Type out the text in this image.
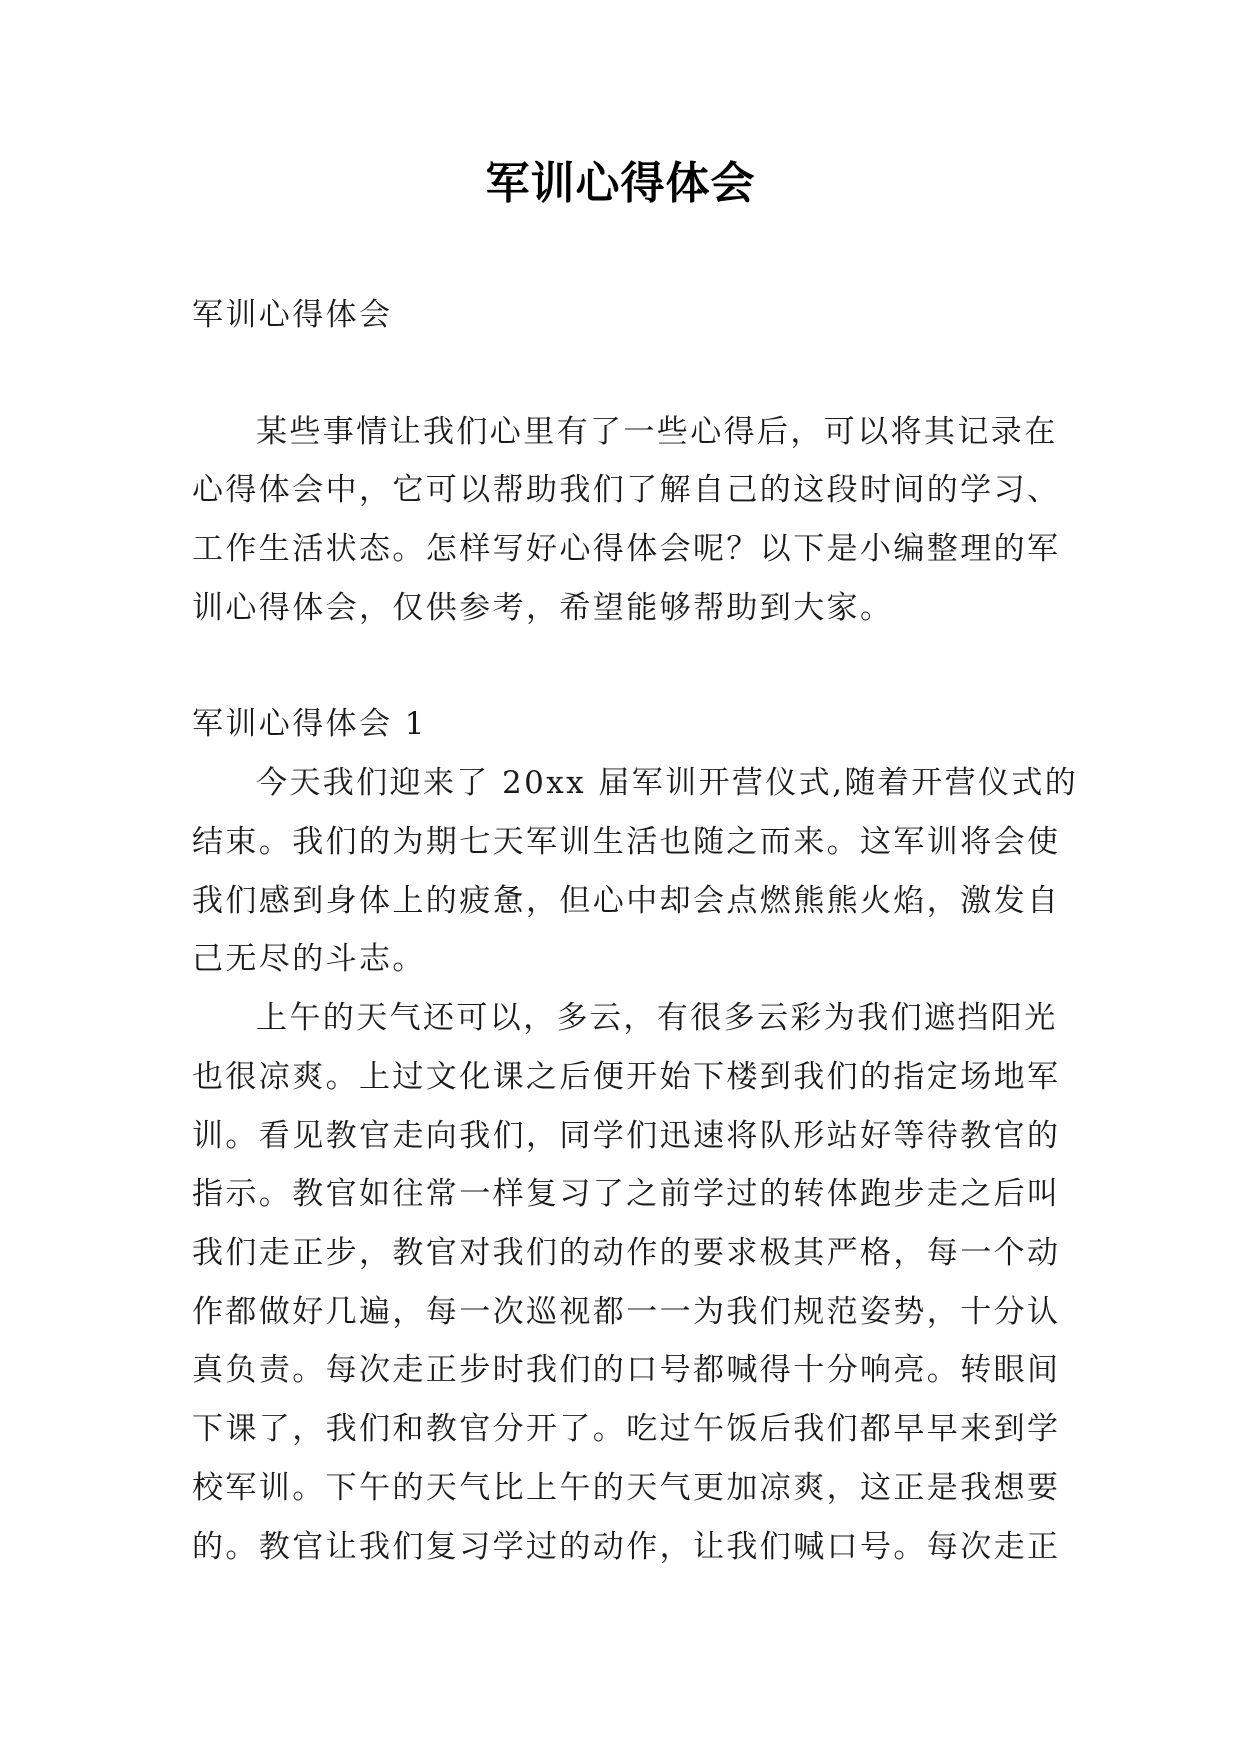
军训心得体会
军训心得体会
某些事情让我们心里有了一些心得后，可以将其记录在
心得体会中，它可以帮助我们了解自己的这段时间的学习、
工作生活状态。怎样写好心得体会呢？以下是小编整理的军
训心得体会，仅供参考，希望能够帮助到大家。
军训心得体会 1
今天我们迎来了 20xx 届军训开营仪式,随着开营仪式的
结束。我们的为期七天军训生活也随之而来。这军训将会使
我们感到身体上的疲惫，但心中却会点燃熊熊火焰，激发自
己无尽的斗志。
上午的天气还可以，多云，有很多云彩为我们遮挡阳光
也很凉爽。上过文化课之后便开始下楼到我们的指定场地军
训。看见教官走向我们，同学们迅速将队形站好等待教官的
指示。教官如往常一样复习了之前学过的转体跑步走之后叫
我们走正步，教官对我们的动作的要求极其严格，每一个动
作都做好几遍，每一次巡视都一一为我们规范姿势，十分认
真负责。每次走正步时我们的口号都喊得十分响亮。转眼间
下课了，我们和教官分开了。吃过午饭后我们都早早来到学
校军训。下午的天气比上午的天气更加凉爽，这正是我想要
的。教官让我们复习学过的动作，让我们喊口号。每次走正
